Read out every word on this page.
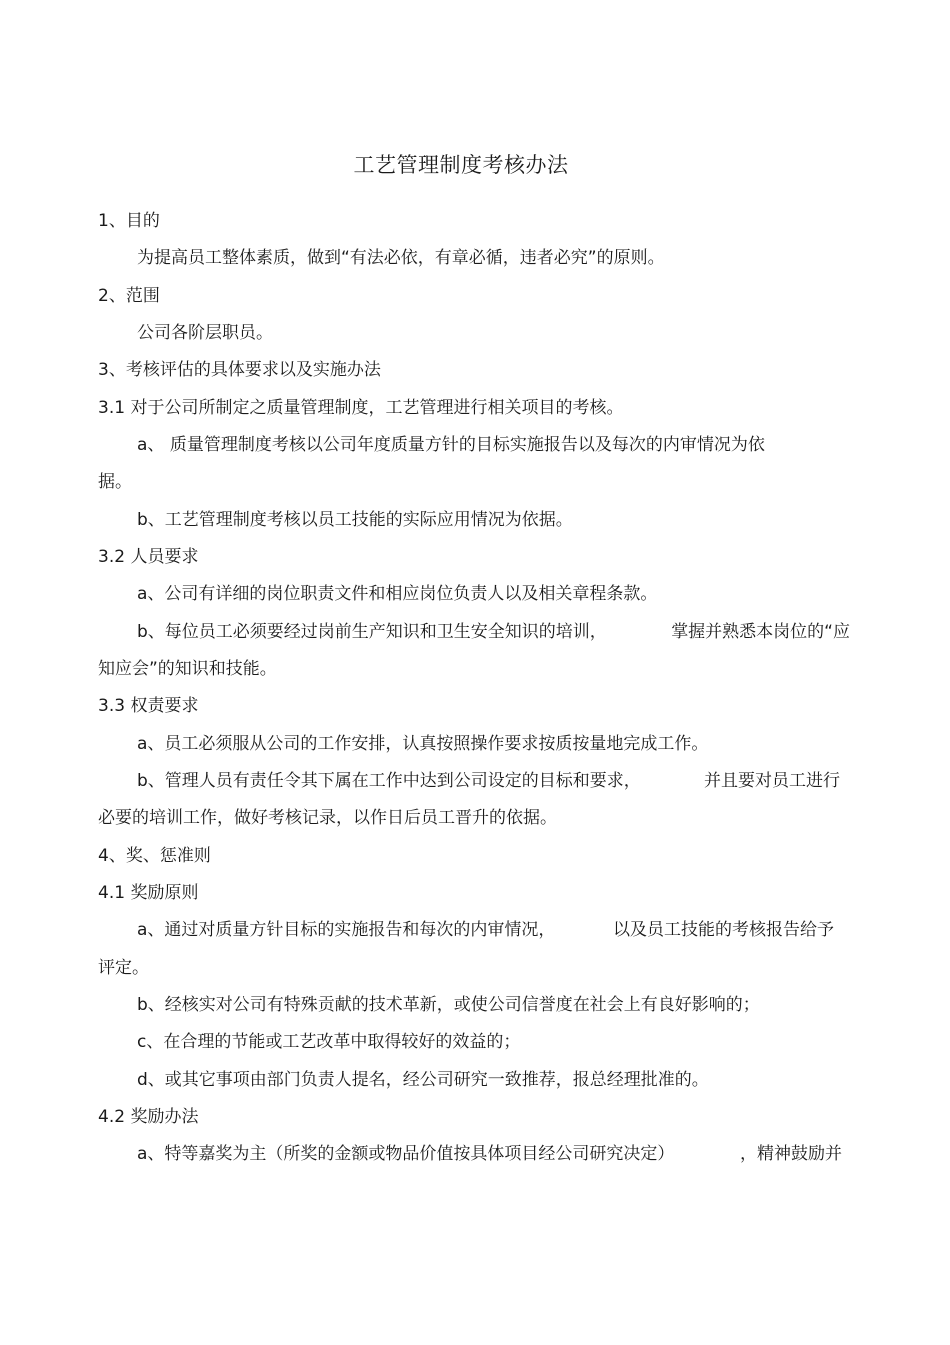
工艺管理制度考核办法
1、目的
为提高员工整体素质，做到“有法必依，有章必循，违者必究”的原则。
2、范围
公司各阶层职员。
3、考核评估的具体要求以及实施办法
3.1 对于公司所制定之质量管理制度，工艺管理进行相关项目的考核。
a、 质量管理制度考核以公司年度质量方针的目标实施报告以及每次的内审情况为依
据。
b、工艺管理制度考核以员工技能的实际应用情况为依据。
3.2 人员要求
a、公司有详细的岗位职责文件和相应岗位负责人以及相关章程条款。
b、每位员工必须要经过岗前生产知识和卫生安全知识的培训，	掌握并熟悉本岗位的“应
知应会”的知识和技能。
3.3 权责要求
a、员工必须服从公司的工作安排，认真按照操作要求按质按量地完成工作。
b、管理人员有责任令其下属在工作中达到公司设定的目标和要求，	并且要对员工进行
必要的培训工作，做好考核记录，以作日后员工晋升的依据。
4、奖、惩准则
4.1 奖励原则
a、通过对质量方针目标的实施报告和每次的内审情况，	以及员工技能的考核报告给予
评定。
b、经核实对公司有特殊贡献的技术革新，或使公司信誉度在社会上有良好影响的；
c、在合理的节能或工艺改革中取得较好的效益的；
d、或其它事项由部门负责人提名，经公司研究一致推荐，报总经理批准的。
4.2 奖励办法
a、特等嘉奖为主（所奖的金额或物品价值按具体项目经公司研究决定）	，精神鼓励并
